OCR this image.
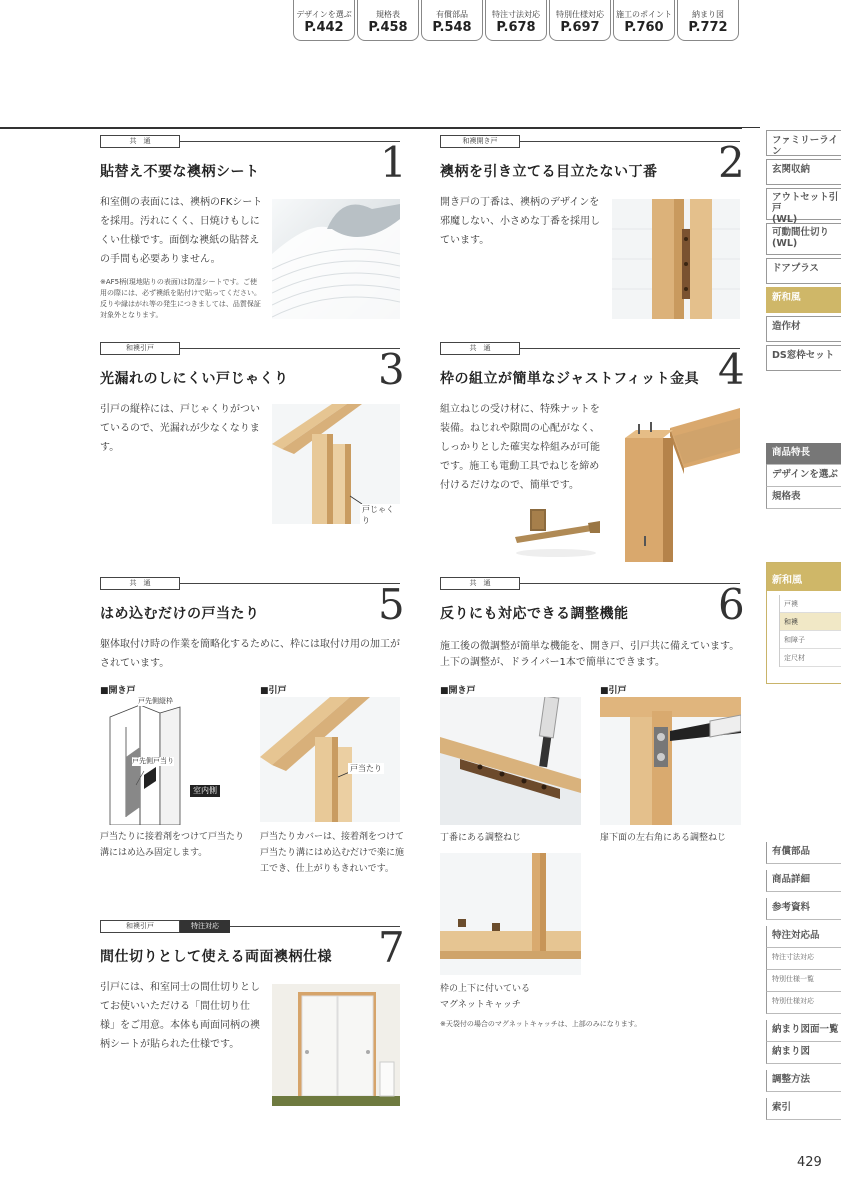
デザインを選ぶ
P.442
規格表
P.458
有償部品
P.548
特注寸法対応
P.678
特別仕様対応
P.697
施工のポイント
P.760
納まり図
P.772
ファミリーライン
玄関収納
アウトセット引戸
(WL)
可動間仕切り
(WL)
ドアプラス
新和風
造作材
DS窓枠セット
商品特長
デザインを選ぶ
規格表
新和風
戸襖
和襖
和障子
定尺材
有償部品
商品詳細
参考資料
特注対応品
特注寸法対応
特別仕様一覧
特別仕様対応
納まり図面一覧
納まり図
調整方法
索引
共　通	1
貼替え不要な襖柄シート
和室側の表面には、襖柄のFKシートを採用。汚れにくく、日焼けもしにくい仕様です。面倒な襖紙の貼替えの手間も必要ありません。
※AF5柄(現地貼りの表面)は防湿シートです。ご使用の際には、必ず襖紙を貼付けで貼ってください。反りや縁はがれ等の発生につきましては、品質保証対象外となります。
和襖開き戸	2
襖柄を引き立てる目立たない丁番
開き戸の丁番は、襖柄のデザインを邪魔しない、小さめな丁番を採用しています。
和襖引戸	3
光漏れのしにくい戸じゃくり
引戸の縦枠には、戸じゃくりがついているので、光漏れが少なくなります。
戸じゃくり
共　通	4
枠の組立が簡単なジャストフィット金具
組立ねじの受け材に、特殊ナットを装備。ねじれや隙間の心配がなく、しっかりとした確実な枠組みが可能です。施工も電動工具でねじを締め付けるだけなので、簡単です。
共　通	5
はめ込むだけの戸当たり
躯体取付け時の作業を簡略化するために、枠には取付け用の加工がされています。
■開き戸	■引戸
戸先側縦枠
戸先側戸当り
室内側
戸当たり
戸当たりに接着剤をつけて戸当たり溝にはめ込み固定します。
戸当たりカバーは、接着剤をつけて戸当たり溝にはめ込むだけで楽に施工でき、仕上がりもきれいです。
共　通	6
反りにも対応できる調整機能
施工後の微調整が簡単な機能を、開き戸、引戸共に備えています。上下の調整が、ドライバー1本で簡単にできます。
■開き戸	■引戸
丁番にある調整ねじ	扉下面の左右角にある調整ねじ
枠の上下に付いている
マグネットキャッチ
※天袋付の場合のマグネットキャッチは、上部のみになります。
和襖引戸	特注対応	7
間仕切りとして使える両面襖柄仕様
引戸には、和室同士の間仕切りとしてお使いいただける「間仕切り仕様」をご用意。本体も両面同柄の襖柄シートが貼られた仕様です。
429
